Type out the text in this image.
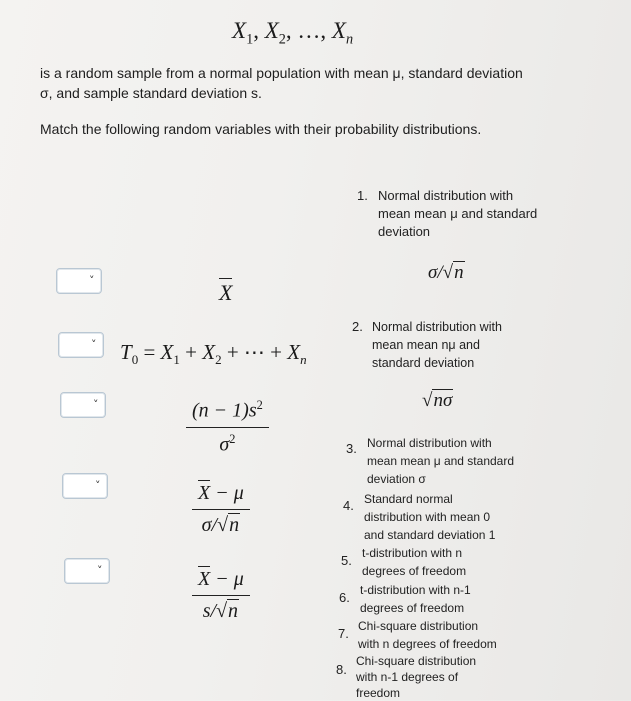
$X_1$, $X_2$, …, $X_n$
is a random sample from a normal population with mean μ, standard deviation
σ, and sample standard deviation s.
Match the following random variables with their probability distributions.
˅
˅
˅
˅
˅
X
$T_0 = X_1 + X_2$ + ⋯ + $X_n$
$\frac{(n - 1)s^2}{\sigma^2}$
$\frac{X - \mu}{\sigma/√n}$
$\frac{X - \mu}{s/√n}$
1. Normal distribution with
mean mean μ and standard
deviation
σ/√n
2. Normal distribution with
mean mean nμ and
standard deviation
√nσ
3. Normal distribution with
mean mean μ and standard
deviation σ
4. Standard normal
distribution with mean 0
and standard deviation 1
5. t-distribution with n
degrees of freedom
6. t-distribution with n-1
degrees of freedom
7. Chi-square distribution
with n degrees of freedom
8.
Chi-square distribution
with n-1 degrees of
freedom
